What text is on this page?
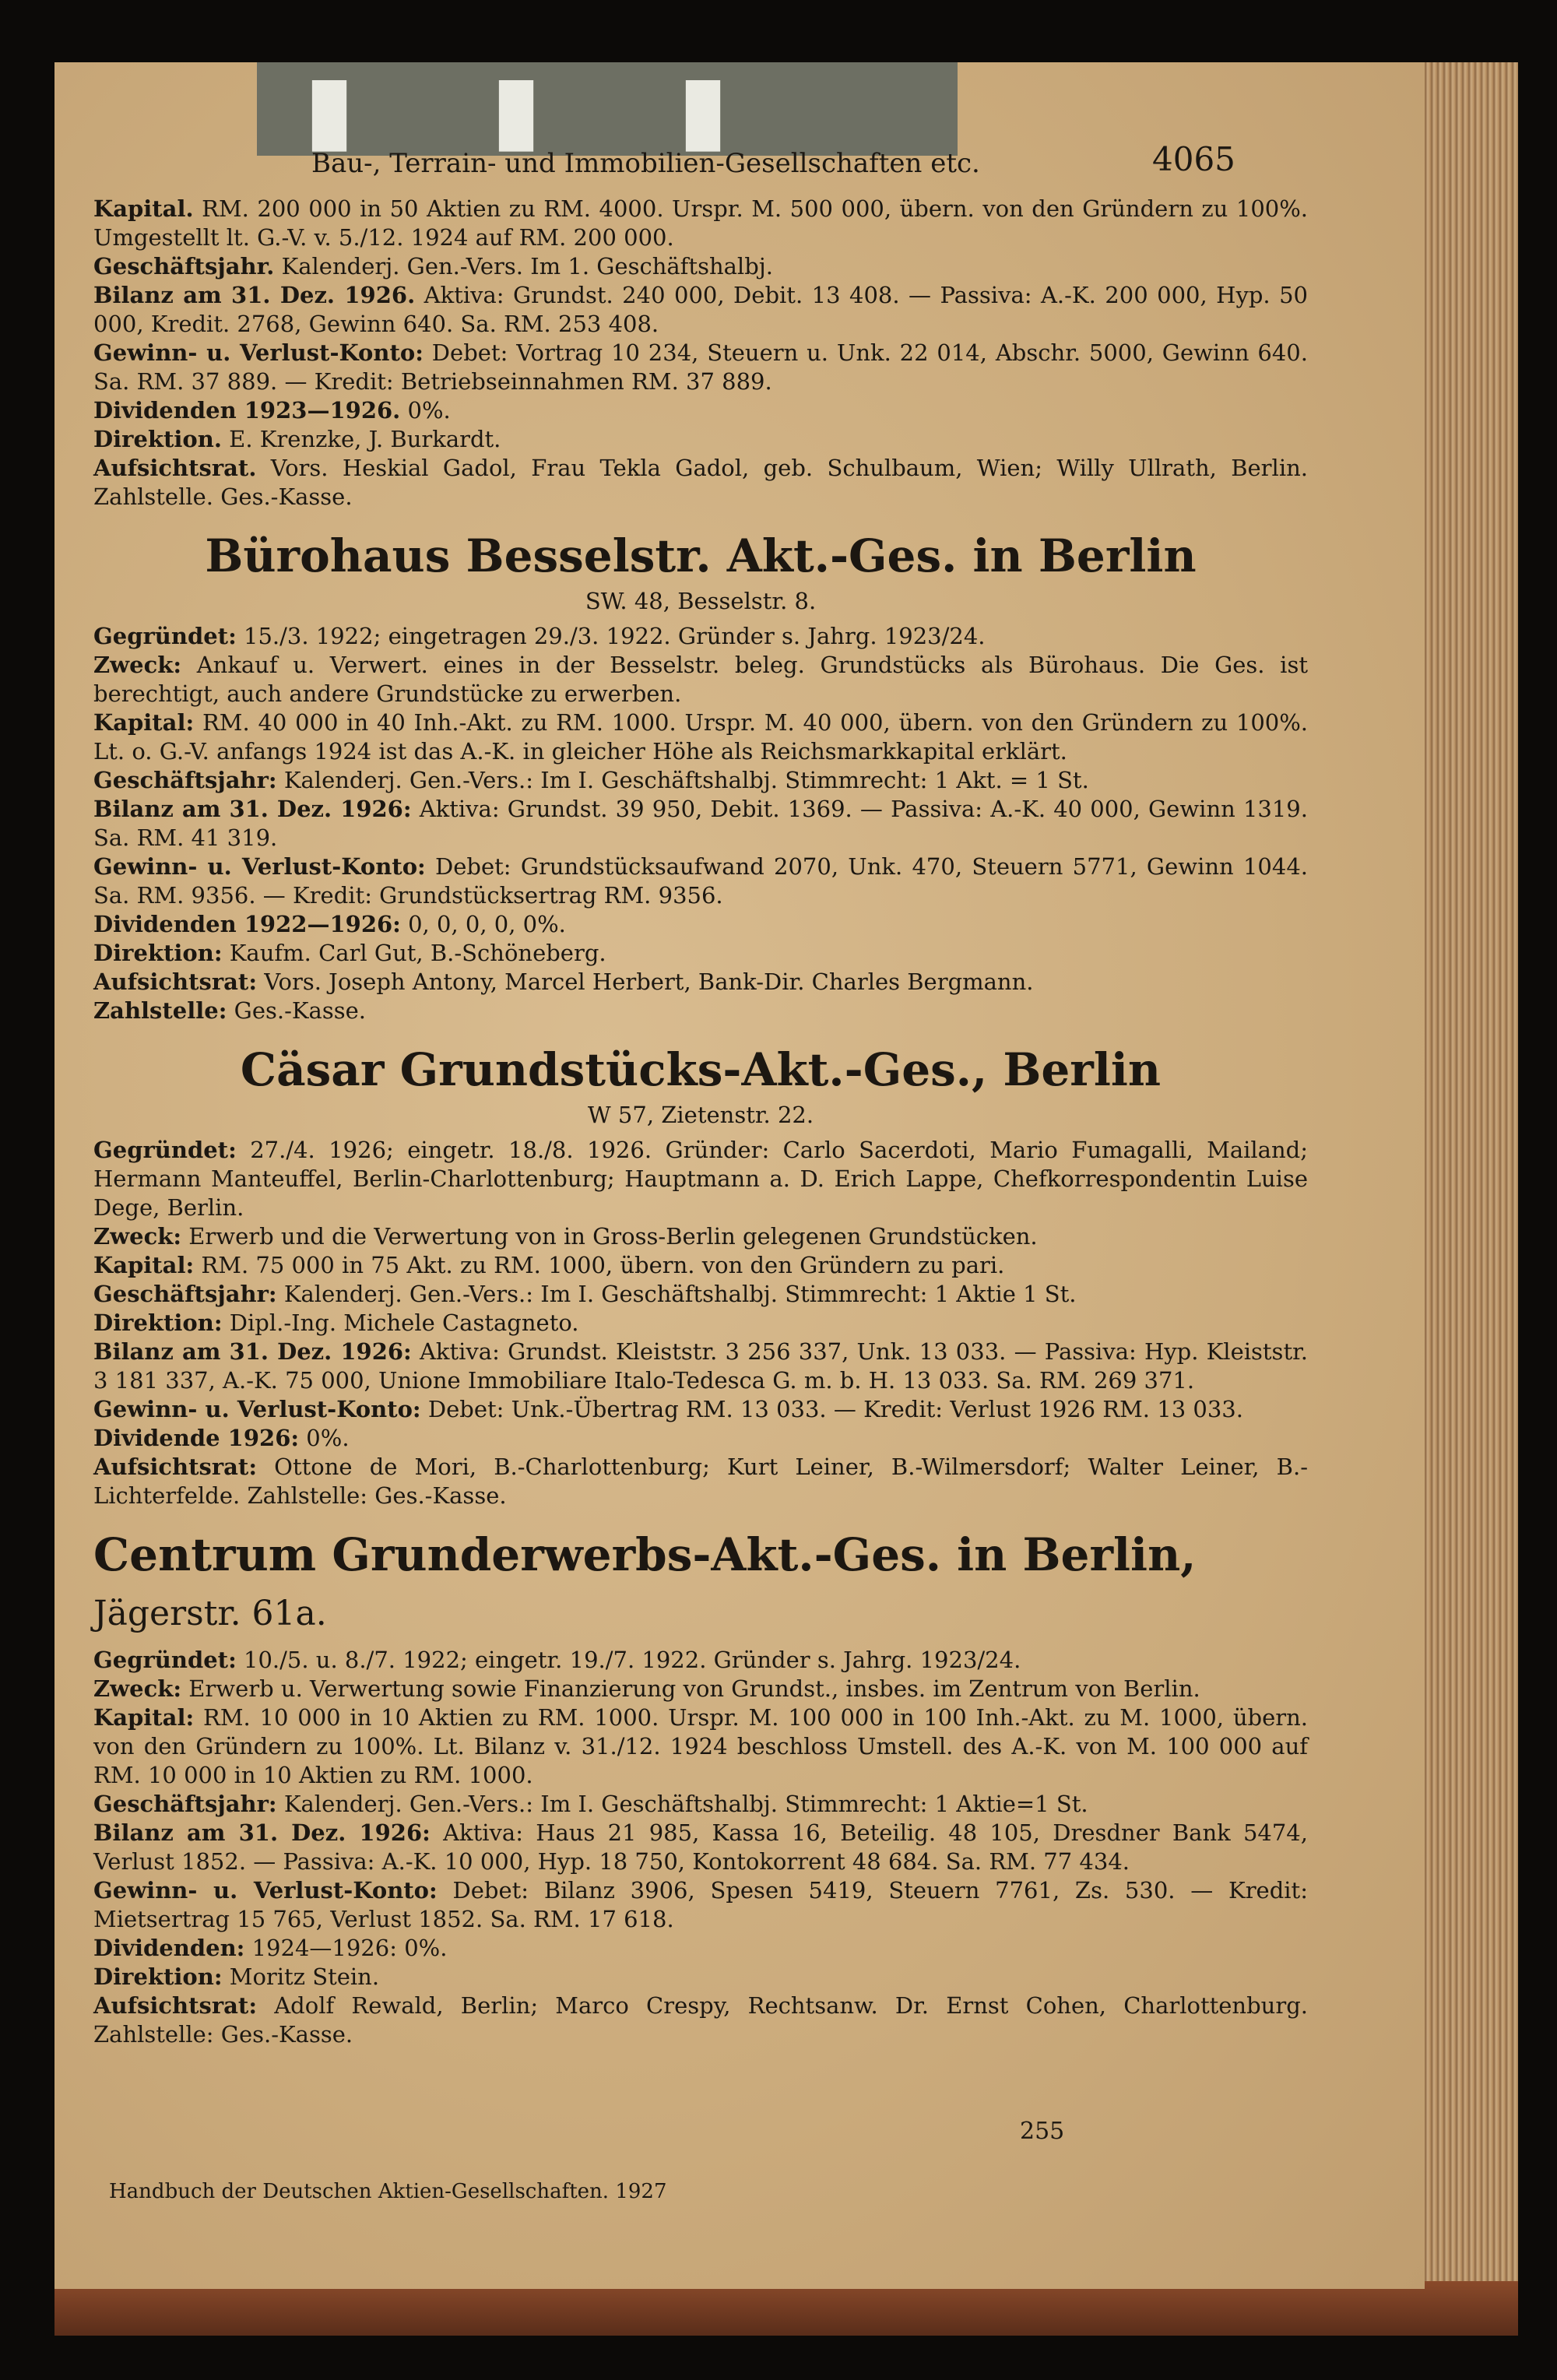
▮ ▮ ▮
Bau-, Terrain- und Immobilien-Gesellschaften etc.	4065

Kapital. RM. 200 000 in 50 Aktien zu RM. 4000. Urspr. M. 500 000, übern. von den Gründern zu 100%. Umgestellt lt. G.-V. v. 5./12. 1924 auf RM. 200 000.

Geschäftsjahr. Kalenderj. Gen.-Vers. Im 1. Geschäftshalbj.

Bilanz am 31. Dez. 1926. Aktiva: Grundst. 240 000, Debit. 13 408. — Passiva: A.-K. 200 000, Hyp. 50 000, Kredit. 2768, Gewinn 640. Sa. RM. 253 408.

Gewinn- u. Verlust-Konto: Debet: Vortrag 10 234, Steuern u. Unk. 22 014, Abschr. 5000, Gewinn 640. Sa. RM. 37 889. — Kredit: Betriebseinnahmen RM. 37 889.

Dividenden 1923—1926. 0%.

Direktion. E. Krenzke, J. Burkardt.

Aufsichtsrat. Vors. Heskial Gadol, Frau Tekla Gadol, geb. Schulbaum, Wien; Willy Ullrath, Berlin. Zahlstelle. Ges.-Kasse.

Bürohaus Besselstr. Akt.-Ges. in Berlin
SW. 48, Besselstr. 8.

Gegründet: 15./3. 1922; eingetragen 29./3. 1922. Gründer s. Jahrg. 1923/24.

Zweck: Ankauf u. Verwert. eines in der Besselstr. beleg. Grundstücks als Bürohaus. Die Ges. ist berechtigt, auch andere Grundstücke zu erwerben.

Kapital: RM. 40 000 in 40 Inh.-Akt. zu RM. 1000. Urspr. M. 40 000, übern. von den Gründern zu 100%. Lt. o. G.-V. anfangs 1924 ist das A.-K. in gleicher Höhe als Reichsmarkkapital erklärt.

Geschäftsjahr: Kalenderj. Gen.-Vers.: Im I. Geschäftshalbj. Stimmrecht: 1 Akt. = 1 St.

Bilanz am 31. Dez. 1926: Aktiva: Grundst. 39 950, Debit. 1369. — Passiva: A.-K. 40 000, Gewinn 1319. Sa. RM. 41 319.

Gewinn- u. Verlust-Konto: Debet: Grundstücksaufwand 2070, Unk. 470, Steuern 5771, Gewinn 1044. Sa. RM. 9356. — Kredit: Grundstücksertrag RM. 9356.

Dividenden 1922—1926: 0, 0, 0, 0, 0%.

Direktion: Kaufm. Carl Gut, B.-Schöneberg.

Aufsichtsrat: Vors. Joseph Antony, Marcel Herbert, Bank-Dir. Charles Bergmann.

Zahlstelle: Ges.-Kasse.

Cäsar Grundstücks-Akt.-Ges., Berlin
W 57, Zietenstr. 22.

Gegründet: 27./4. 1926; eingetr. 18./8. 1926. Gründer: Carlo Sacerdoti, Mario Fumagalli, Mailand; Hermann Manteuffel, Berlin-Charlottenburg; Hauptmann a. D. Erich Lappe, Chefkorrespondentin Luise Dege, Berlin.

Zweck: Erwerb und die Verwertung von in Gross-Berlin gelegenen Grundstücken.

Kapital: RM. 75 000 in 75 Akt. zu RM. 1000, übern. von den Gründern zu pari.

Geschäftsjahr: Kalenderj. Gen.-Vers.: Im I. Geschäftshalbj. Stimmrecht: 1 Aktie 1 St.

Direktion: Dipl.-Ing. Michele Castagneto.

Bilanz am 31. Dez. 1926: Aktiva: Grundst. Kleiststr. 3 256 337, Unk. 13 033. — Passiva: Hyp. Kleiststr. 3 181 337, A.-K. 75 000, Unione Immobiliare Italo-Tedesca G. m. b. H. 13 033. Sa. RM. 269 371.

Gewinn- u. Verlust-Konto: Debet: Unk.-Übertrag RM. 13 033. — Kredit: Verlust 1926 RM. 13 033.

Dividende 1926: 0%.

Aufsichtsrat: Ottone de Mori, B.-Charlottenburg; Kurt Leiner, B.-Wilmersdorf; Walter Leiner, B.-Lichterfelde. Zahlstelle: Ges.-Kasse.

Centrum Grunderwerbs-Akt.-Ges. in Berlin, Jägerstr. 61a.

Gegründet: 10./5. u. 8./7. 1922; eingetr. 19./7. 1922. Gründer s. Jahrg. 1923/24.

Zweck: Erwerb u. Verwertung sowie Finanzierung von Grundst., insbes. im Zentrum von Berlin.

Kapital: RM. 10 000 in 10 Aktien zu RM. 1000. Urspr. M. 100 000 in 100 Inh.-Akt. zu M. 1000, übern. von den Gründern zu 100%. Lt. Bilanz v. 31./12. 1924 beschloss Umstell. des A.-K. von M. 100 000 auf RM. 10 000 in 10 Aktien zu RM. 1000.

Geschäftsjahr: Kalenderj. Gen.-Vers.: Im I. Geschäftshalbj. Stimmrecht: 1 Aktie=1 St.

Bilanz am 31. Dez. 1926: Aktiva: Haus 21 985, Kassa 16, Beteilig. 48 105, Dresdner Bank 5474, Verlust 1852. — Passiva: A.-K. 10 000, Hyp. 18 750, Kontokorrent 48 684. Sa. RM. 77 434.

Gewinn- u. Verlust-Konto: Debet: Bilanz 3906, Spesen 5419, Steuern 7761, Zs. 530. — Kredit: Mietsertrag 15 765, Verlust 1852. Sa. RM. 17 618.

Dividenden: 1924—1926: 0%.

Direktion: Moritz Stein.

Aufsichtsrat: Adolf Rewald, Berlin; Marco Crespy, Rechtsanw. Dr. Ernst Cohen, Charlottenburg. Zahlstelle: Ges.-Kasse.

255
Handbuch der Deutschen Aktien-Gesellschaften. 1927
